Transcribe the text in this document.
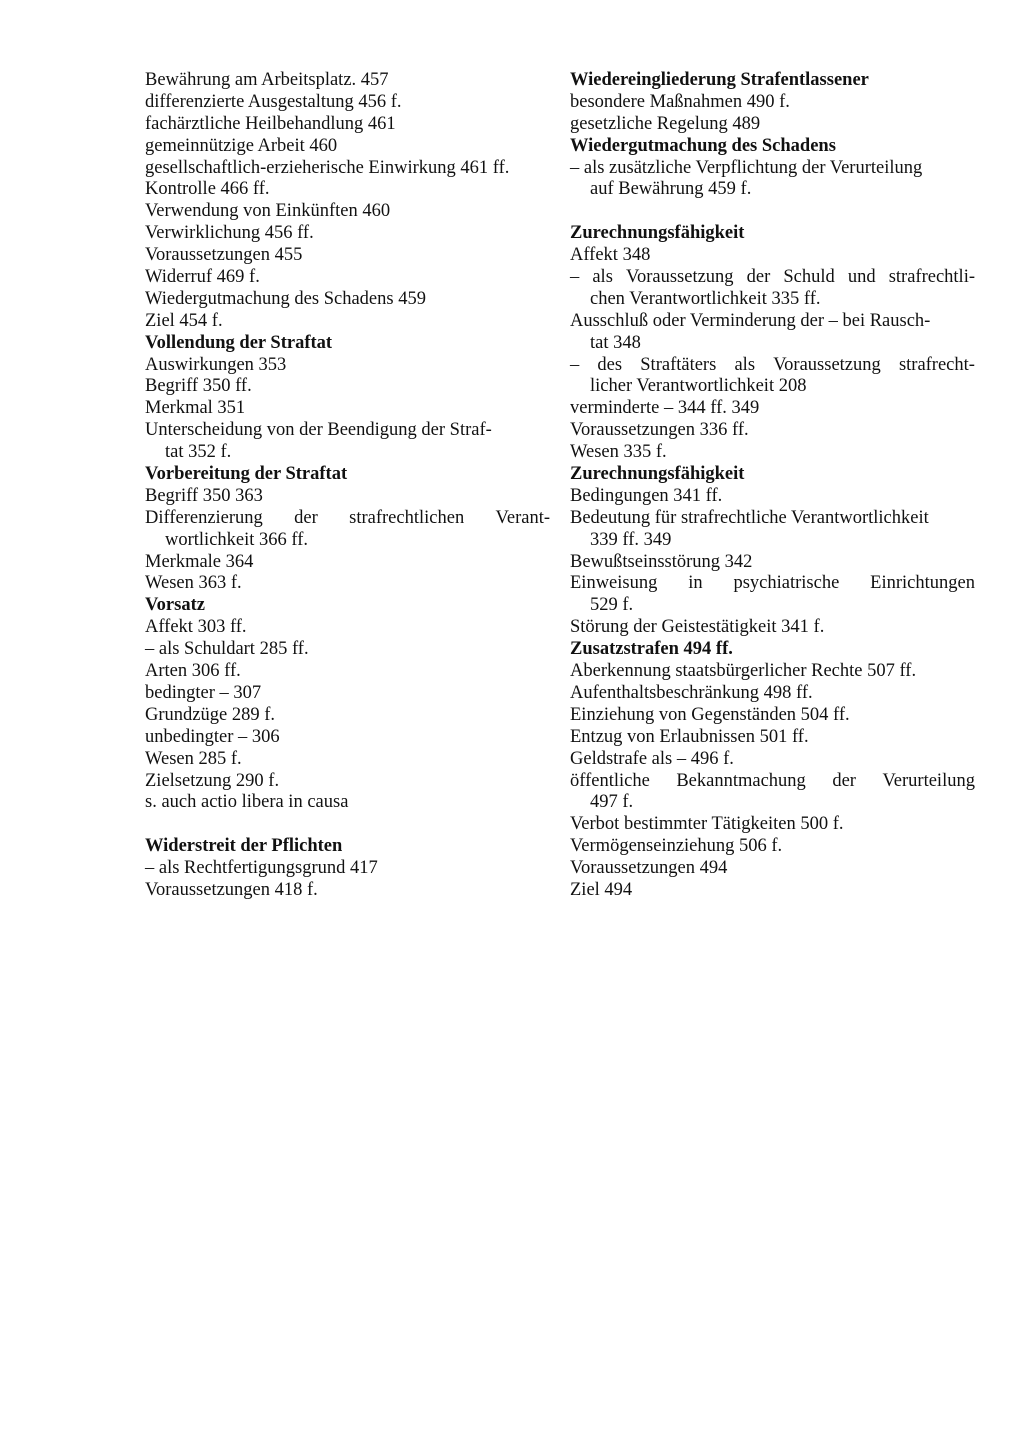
Bewährung am Arbeitsplatz. 457
differenzierte Ausgestaltung 456 f.
fachärztliche Heilbehandlung 461
gemeinnützige Arbeit 460
gesellschaftlich-erzieherische Einwirkung 461 ff.
Kontrolle 466 ff.
Verwendung von Einkünften 460
Verwirklichung 456 ff.
Voraussetzungen 455
Widerruf 469 f.
Wiedergutmachung des Schadens 459
Ziel 454 f.
Vollendung der Straftat
Auswirkungen 353
Begriff 350 ff.
Merkmal 351
Unterscheidung von der Beendigung der Straf-
tat 352 f.
Vorbereitung der Straftat
Begriff 350 363
Differenzierung der strafrechtlichen Verant-
wortlichkeit 366 ff.
Merkmale 364
Wesen 363 f.
Vorsatz
Affekt 303 ff.
– als Schuldart 285 ff.
Arten 306 ff.
bedingter – 307
Grundzüge 289 f.
unbedingter – 306
Wesen 285 f.
Zielsetzung 290 f.
s. auch actio libera in causa
Widerstreit der Pflichten
– als Rechtfertigungsgrund 417
Voraussetzungen 418 f.
Wiedereingliederung Strafentlassener
besondere Maßnahmen 490 f.
gesetzliche Regelung 489
Wiedergutmachung des Schadens
– als zusätzliche Verpflichtung der Verurteilung
auf Bewährung 459 f.
Zurechnungsfähigkeit
Affekt 348
– als Voraussetzung der Schuld und strafrechtli-
chen Verantwortlichkeit 335 ff.
Ausschluß oder Verminderung der – bei Rausch-
tat 348
– des Straftäters als Voraussetzung strafrecht-
licher Verantwortlichkeit 208
verminderte – 344 ff. 349
Voraussetzungen 336 ff.
Wesen 335 f.
Zurechnungsfähigkeit
Bedingungen 341 ff.
Bedeutung für strafrechtliche Verantwortlichkeit
339 ff. 349
Bewußtseinsstörung 342
Einweisung in psychiatrische Einrichtungen
529 f.
Störung der Geistestätigkeit 341 f.
Zusatzstrafen 494 ff.
Aberkennung staatsbürgerlicher Rechte 507 ff.
Aufenthaltsbeschränkung 498 ff.
Einziehung von Gegenständen 504 ff.
Entzug von Erlaubnissen 501 ff.
Geldstrafe als – 496 f.
öffentliche Bekanntmachung der Verurteilung
497 f.
Verbot bestimmter Tätigkeiten 500 f.
Vermögenseinziehung 506 f.
Voraussetzungen 494
Ziel 494
